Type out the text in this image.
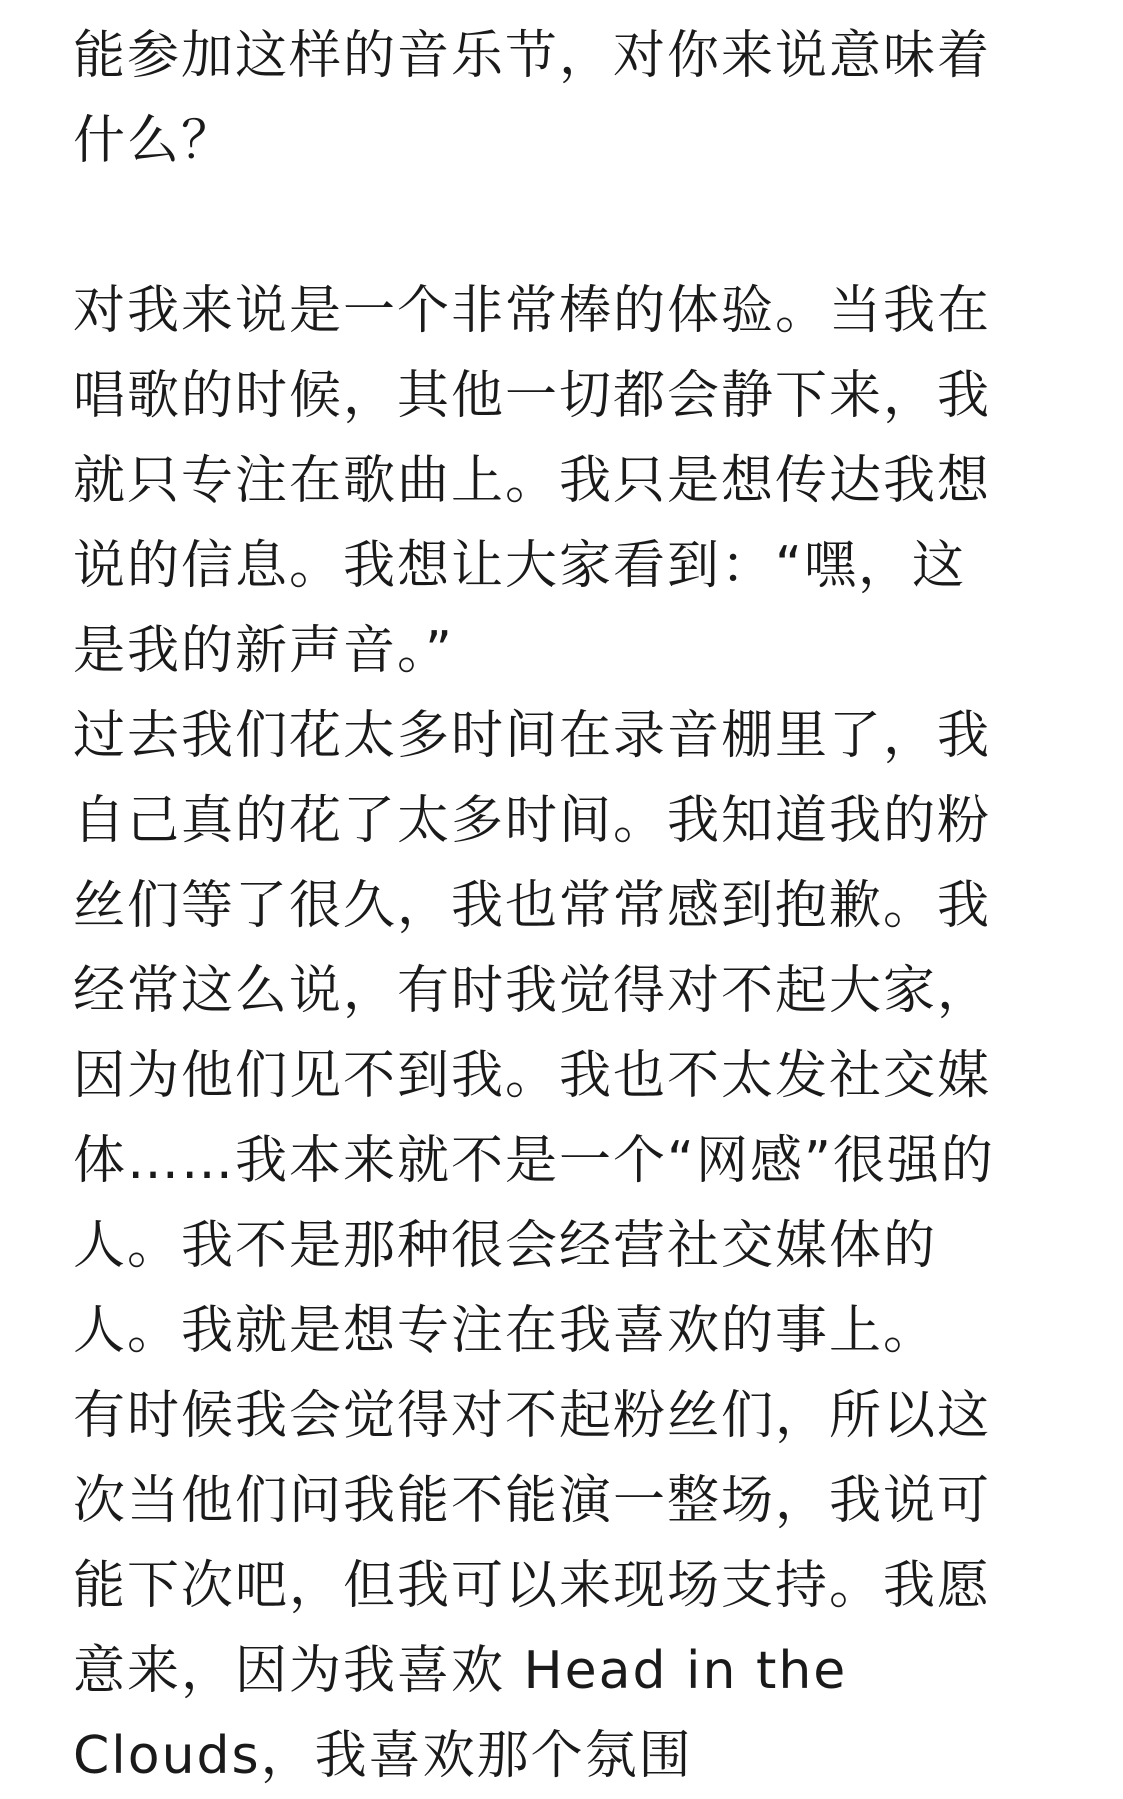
能参加这样的音乐节，对你来说意味着
什么？

对我来说是一个非常棒的体验。当我在
唱歌的时候，其他一切都会静下来，我
就只专注在歌曲上。我只是想传达我想
说的信息。我想让大家看到：“嘿，这
是我的新声音。”

过去我们花太多时间在录音棚里了，我
自己真的花了太多时间。我知道我的粉
丝们等了很久，我也常常感到抱歉。我
经常这么说，有时我觉得对不起大家，
因为他们见不到我。我也不太发社交媒
体……我本来就不是一个“网感”很强的
人。我不是那种很会经营社交媒体的
人。我就是想专注在我喜欢的事上。

有时候我会觉得对不起粉丝们，所以这
次当他们问我能不能演一整场，我说可
能下次吧，但我可以来现场支持。我愿
意来，因为我喜欢 Head in the
Clouds，我喜欢那个氛围
